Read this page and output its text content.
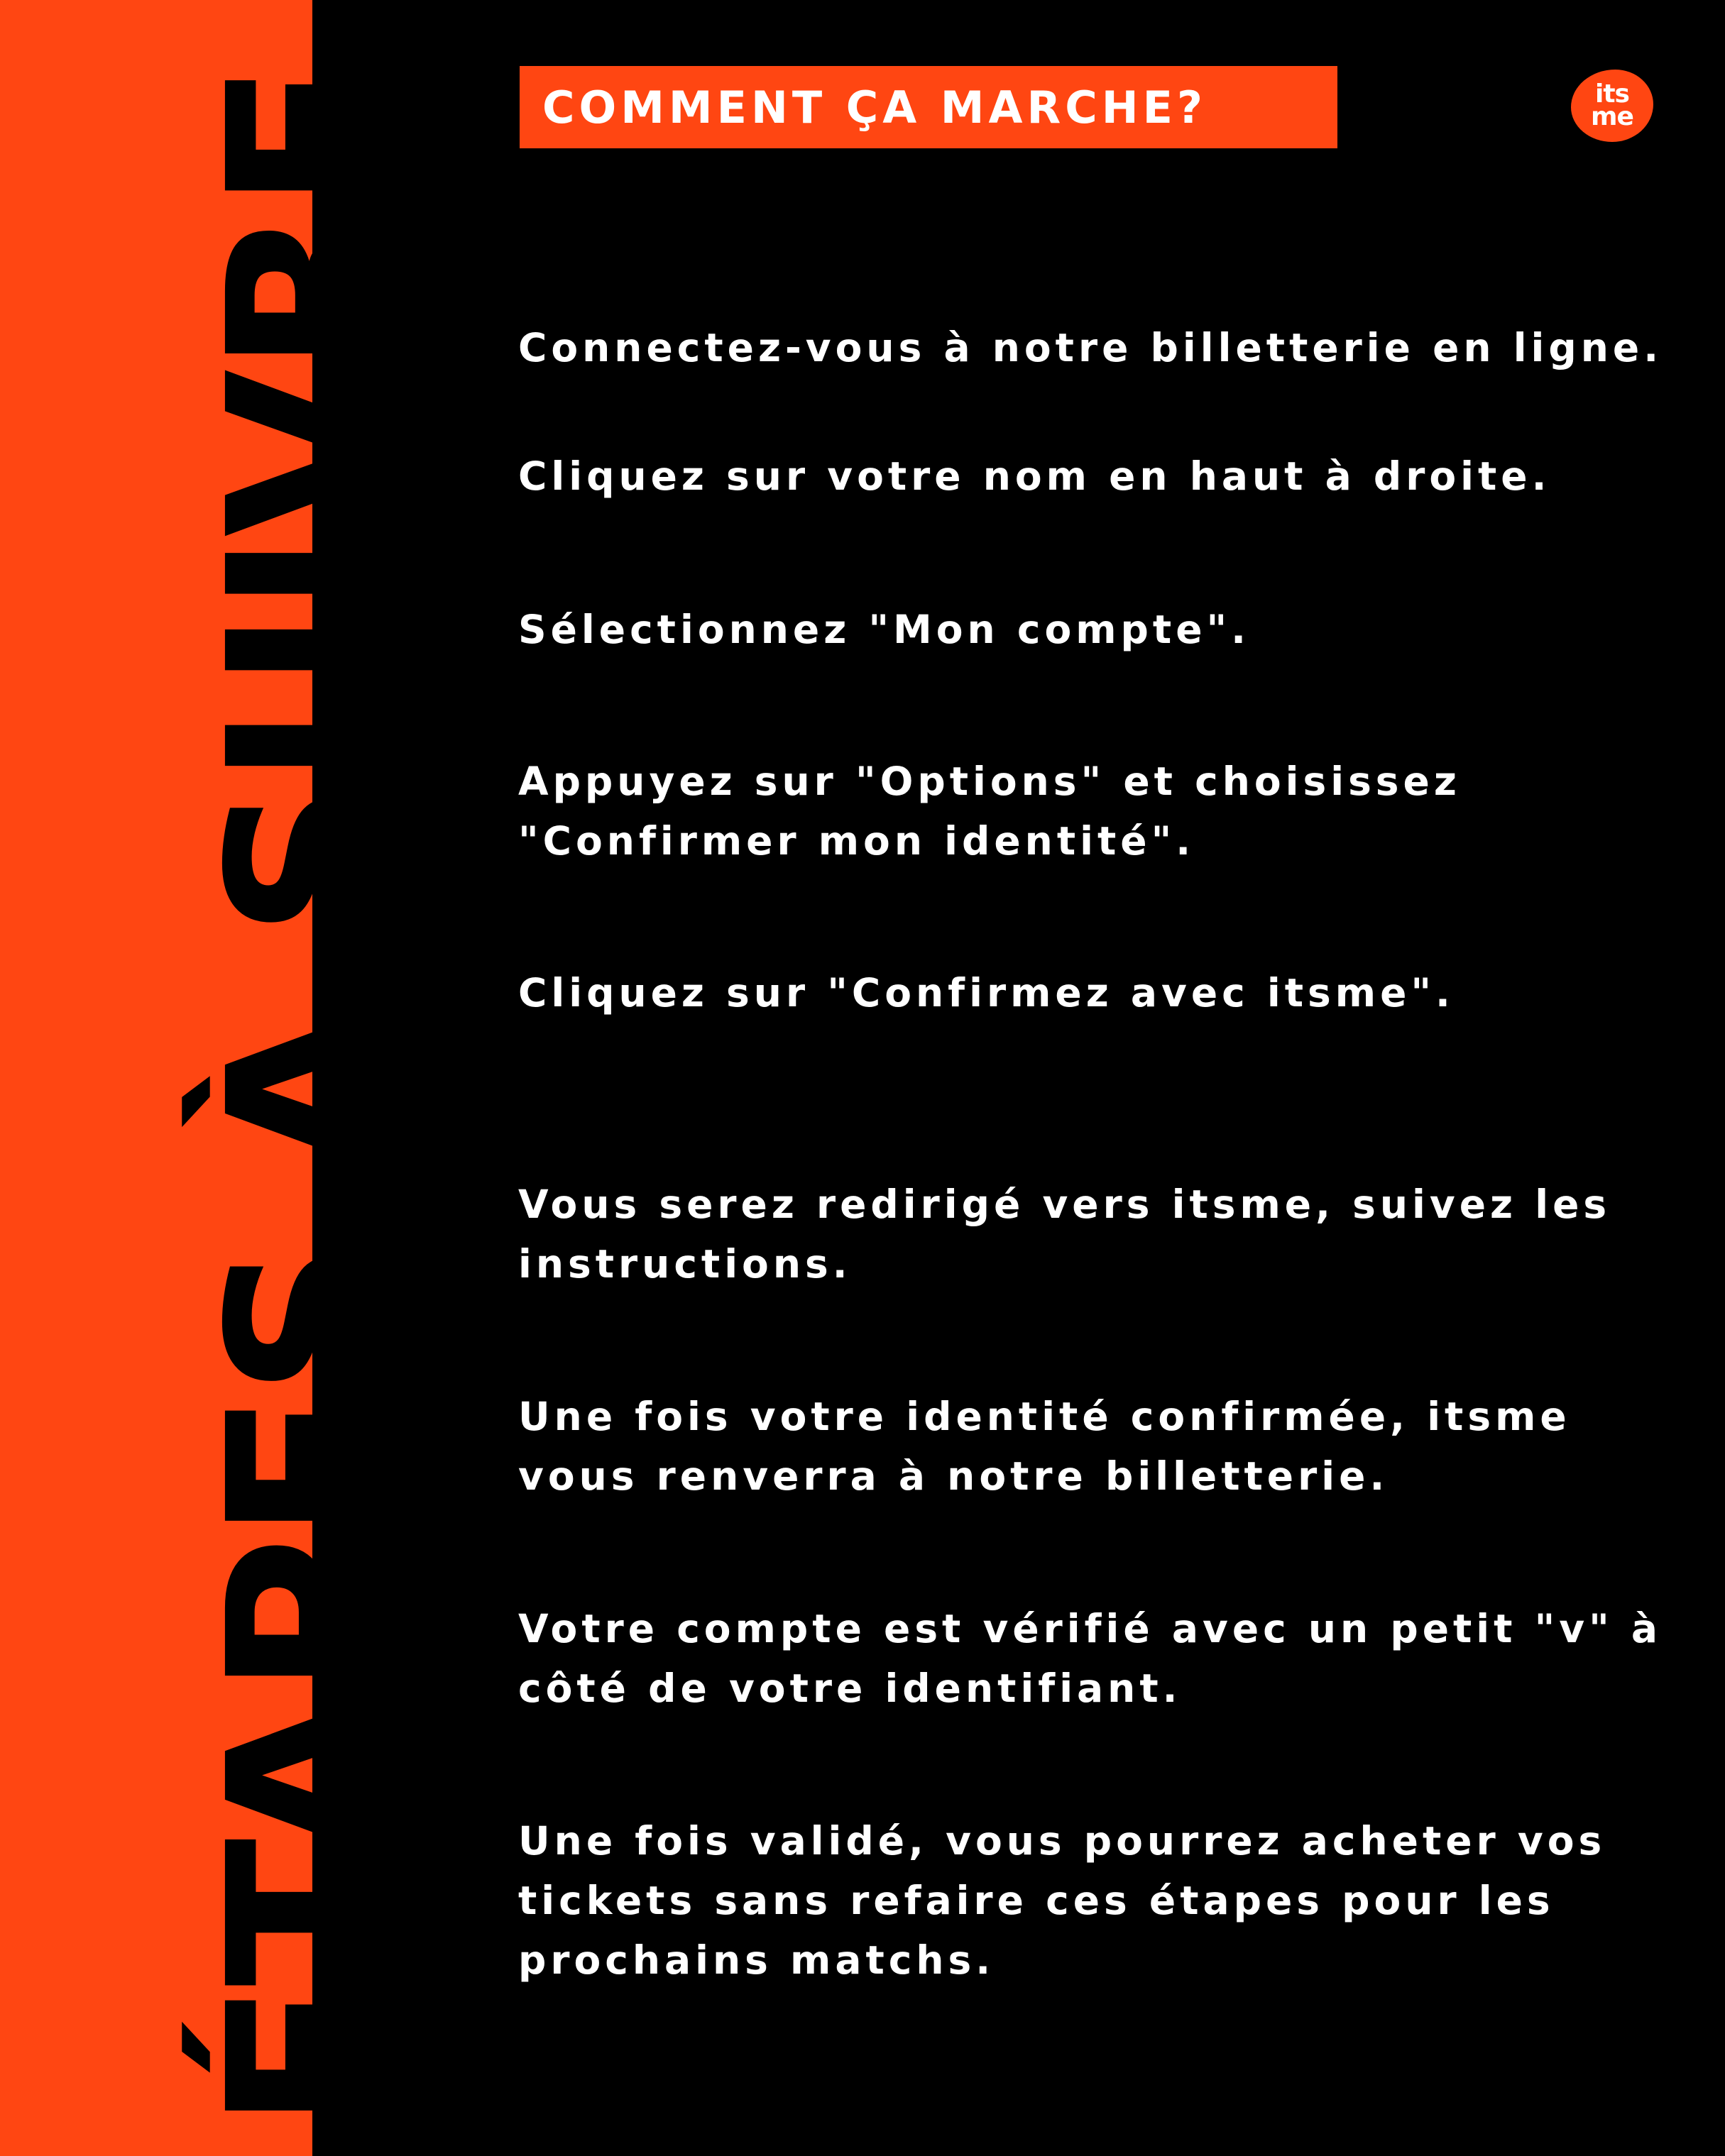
ÉTAPES À SUIVRE COMMENT ÇA MARCHE?	its
me

Connectez-vous à notre billetterie en ligne.

Cliquez sur votre nom en haut à droite.

Sélectionnez "Mon compte".

Appuyez sur "Options" et choisissez "Confirmer mon identité".

Cliquez sur "Confirmez avec itsme".

Vous serez redirigé vers itsme, suivez les instructions.

Une fois votre identité confirmée, itsme vous renverra à notre billetterie.

Votre compte est vérifié avec un petit "v" à côté de votre identifiant.

Une fois validé, vous pourrez acheter vos tickets sans refaire ces étapes pour les prochains matchs.
